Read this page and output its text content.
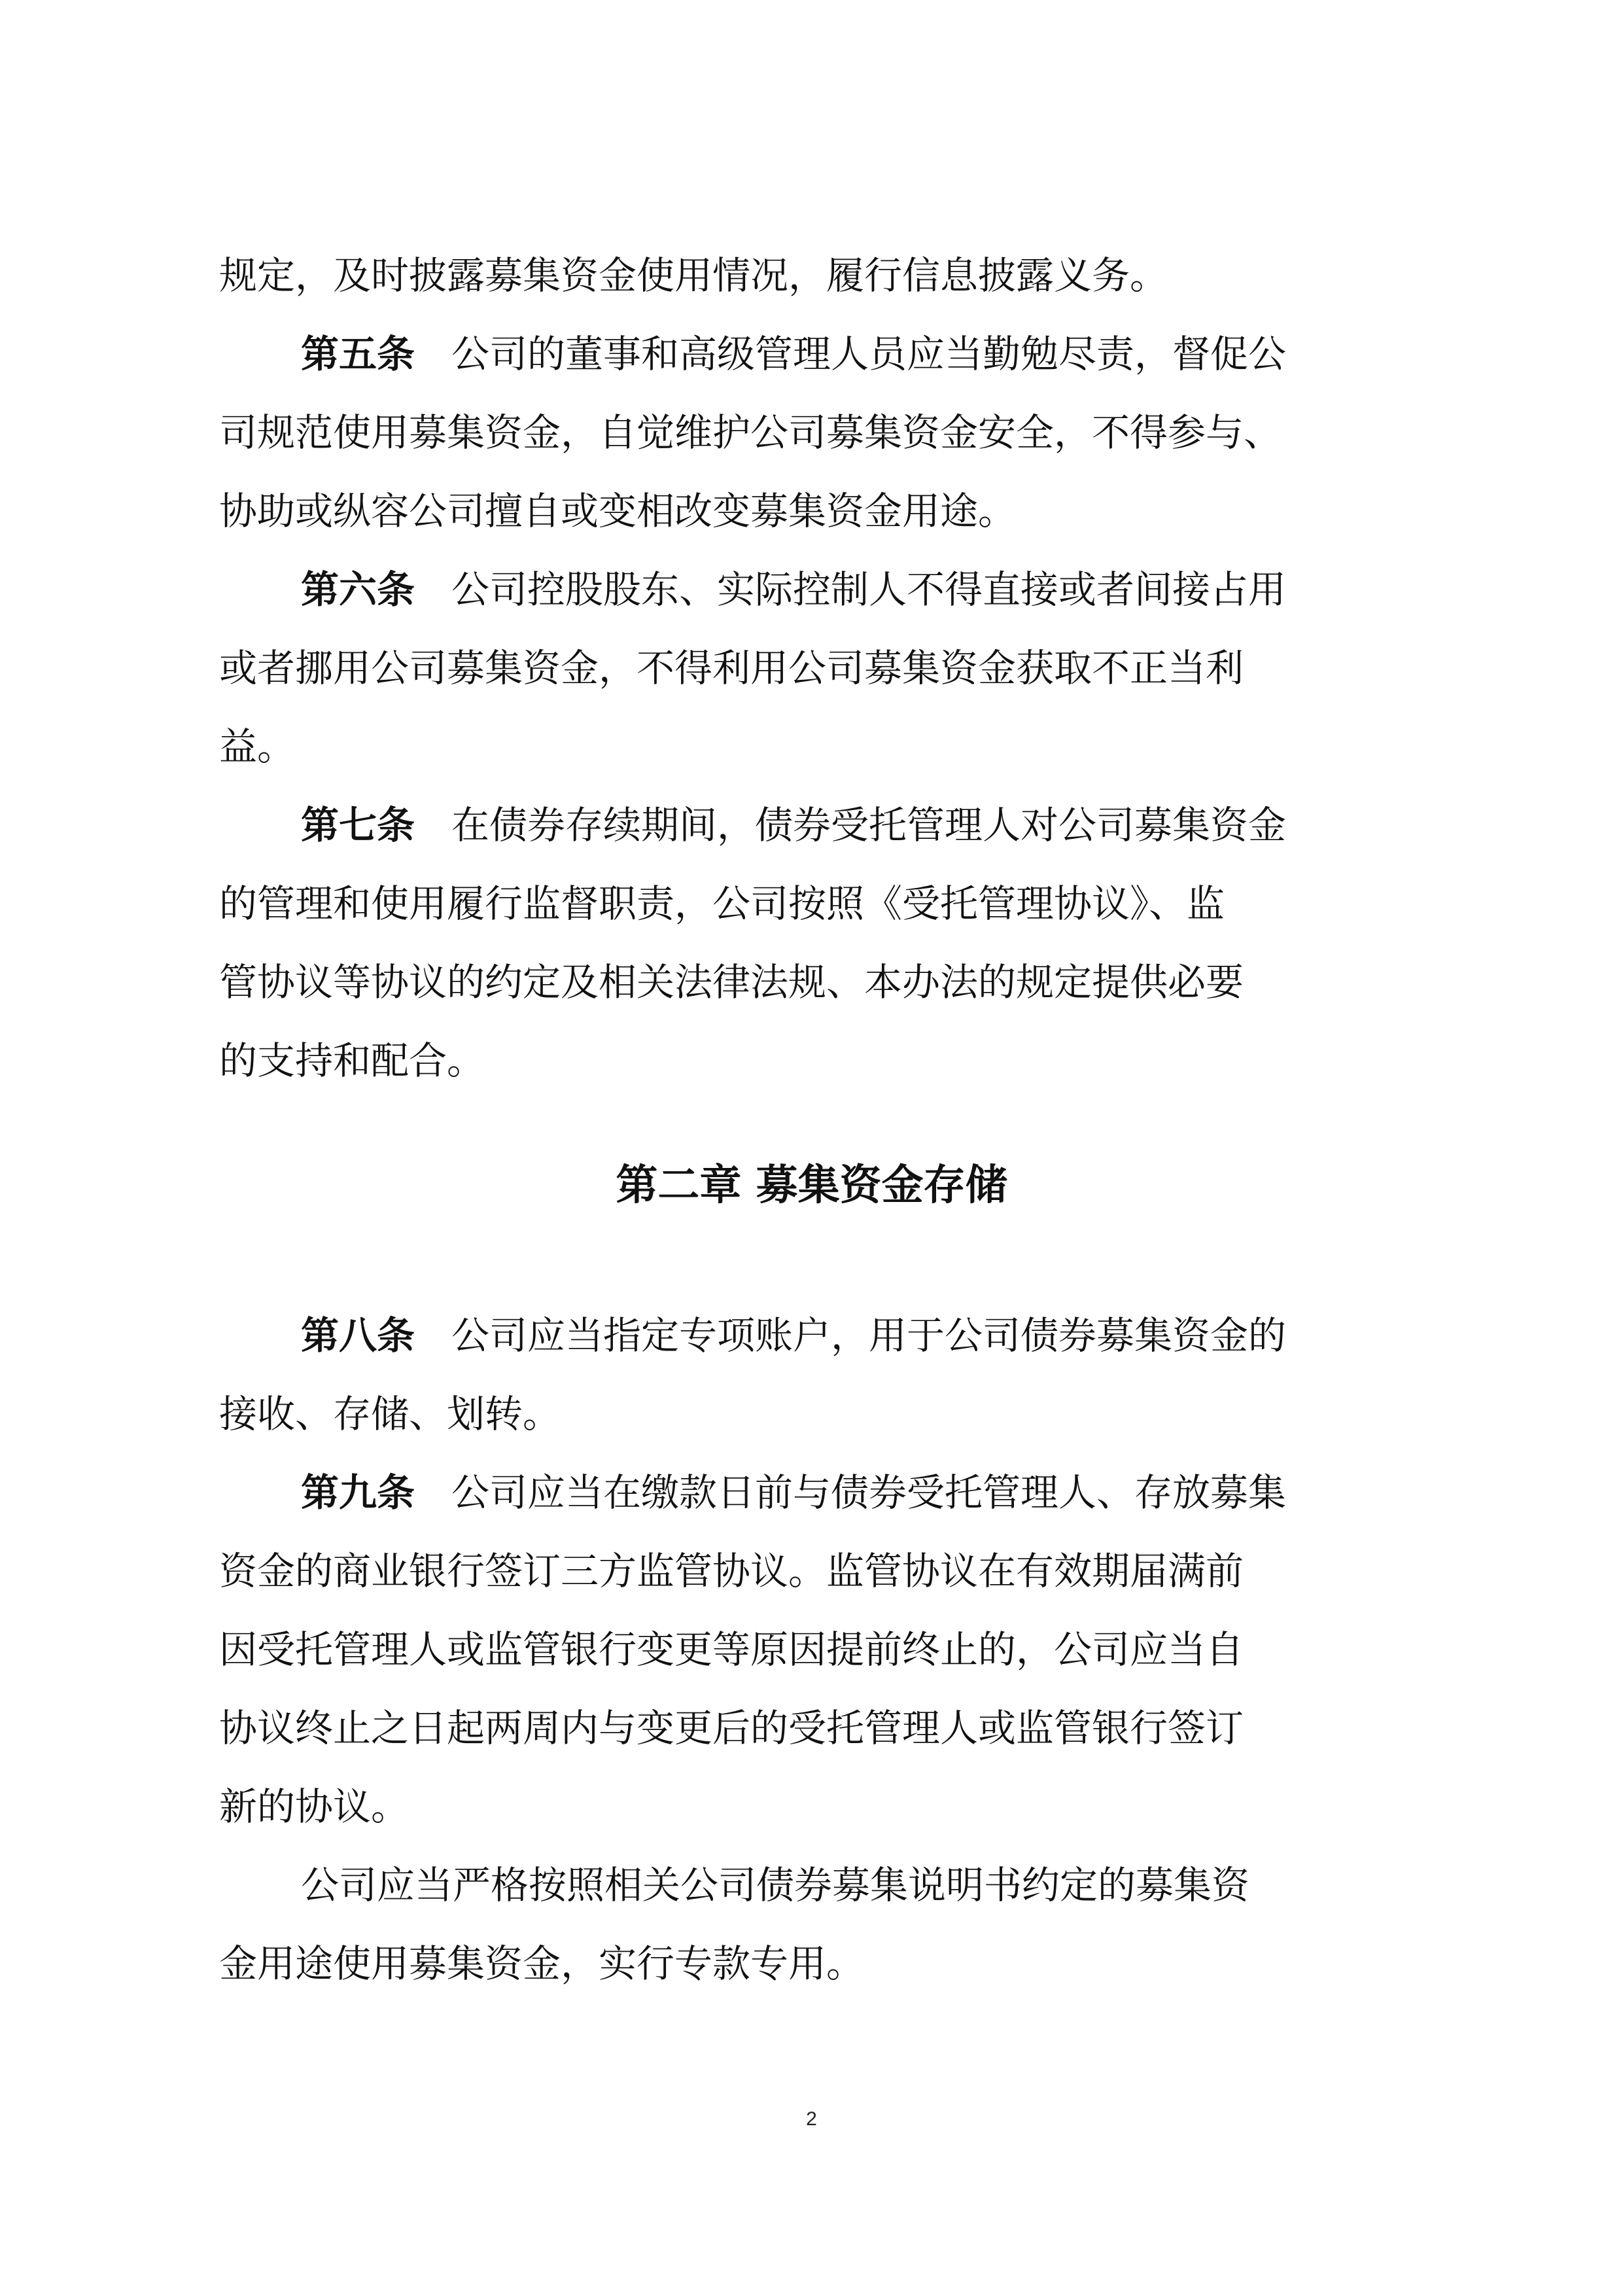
规定，及时披露募集资金使用情况，履行信息披露义务。
第五条 公司的董事和高级管理人员应当勤勉尽责，督促公
司规范使用募集资金，自觉维护公司募集资金安全，不得参与、
协助或纵容公司擅自或变相改变募集资金用途。
第六条 公司控股股东、实际控制人不得直接或者间接占用
或者挪用公司募集资金，不得利用公司募集资金获取不正当利
益。
第七条 在债券存续期间，债券受托管理人对公司募集资金
的管理和使用履行监督职责，公司按照《受托管理协议》、监
管协议等协议的约定及相关法律法规、本办法的规定提供必要
的支持和配合。
第二章 募集资金存储
第八条 公司应当指定专项账户，用于公司债券募集资金的
接收、存储、划转。
第九条 公司应当在缴款日前与债券受托管理人、存放募集
资金的商业银行签订三方监管协议。监管协议在有效期届满前
因受托管理人或监管银行变更等原因提前终止的，公司应当自
协议终止之日起两周内与变更后的受托管理人或监管银行签订
新的协议。
公司应当严格按照相关公司债券募集说明书约定的募集资
金用途使用募集资金，实行专款专用。
2
